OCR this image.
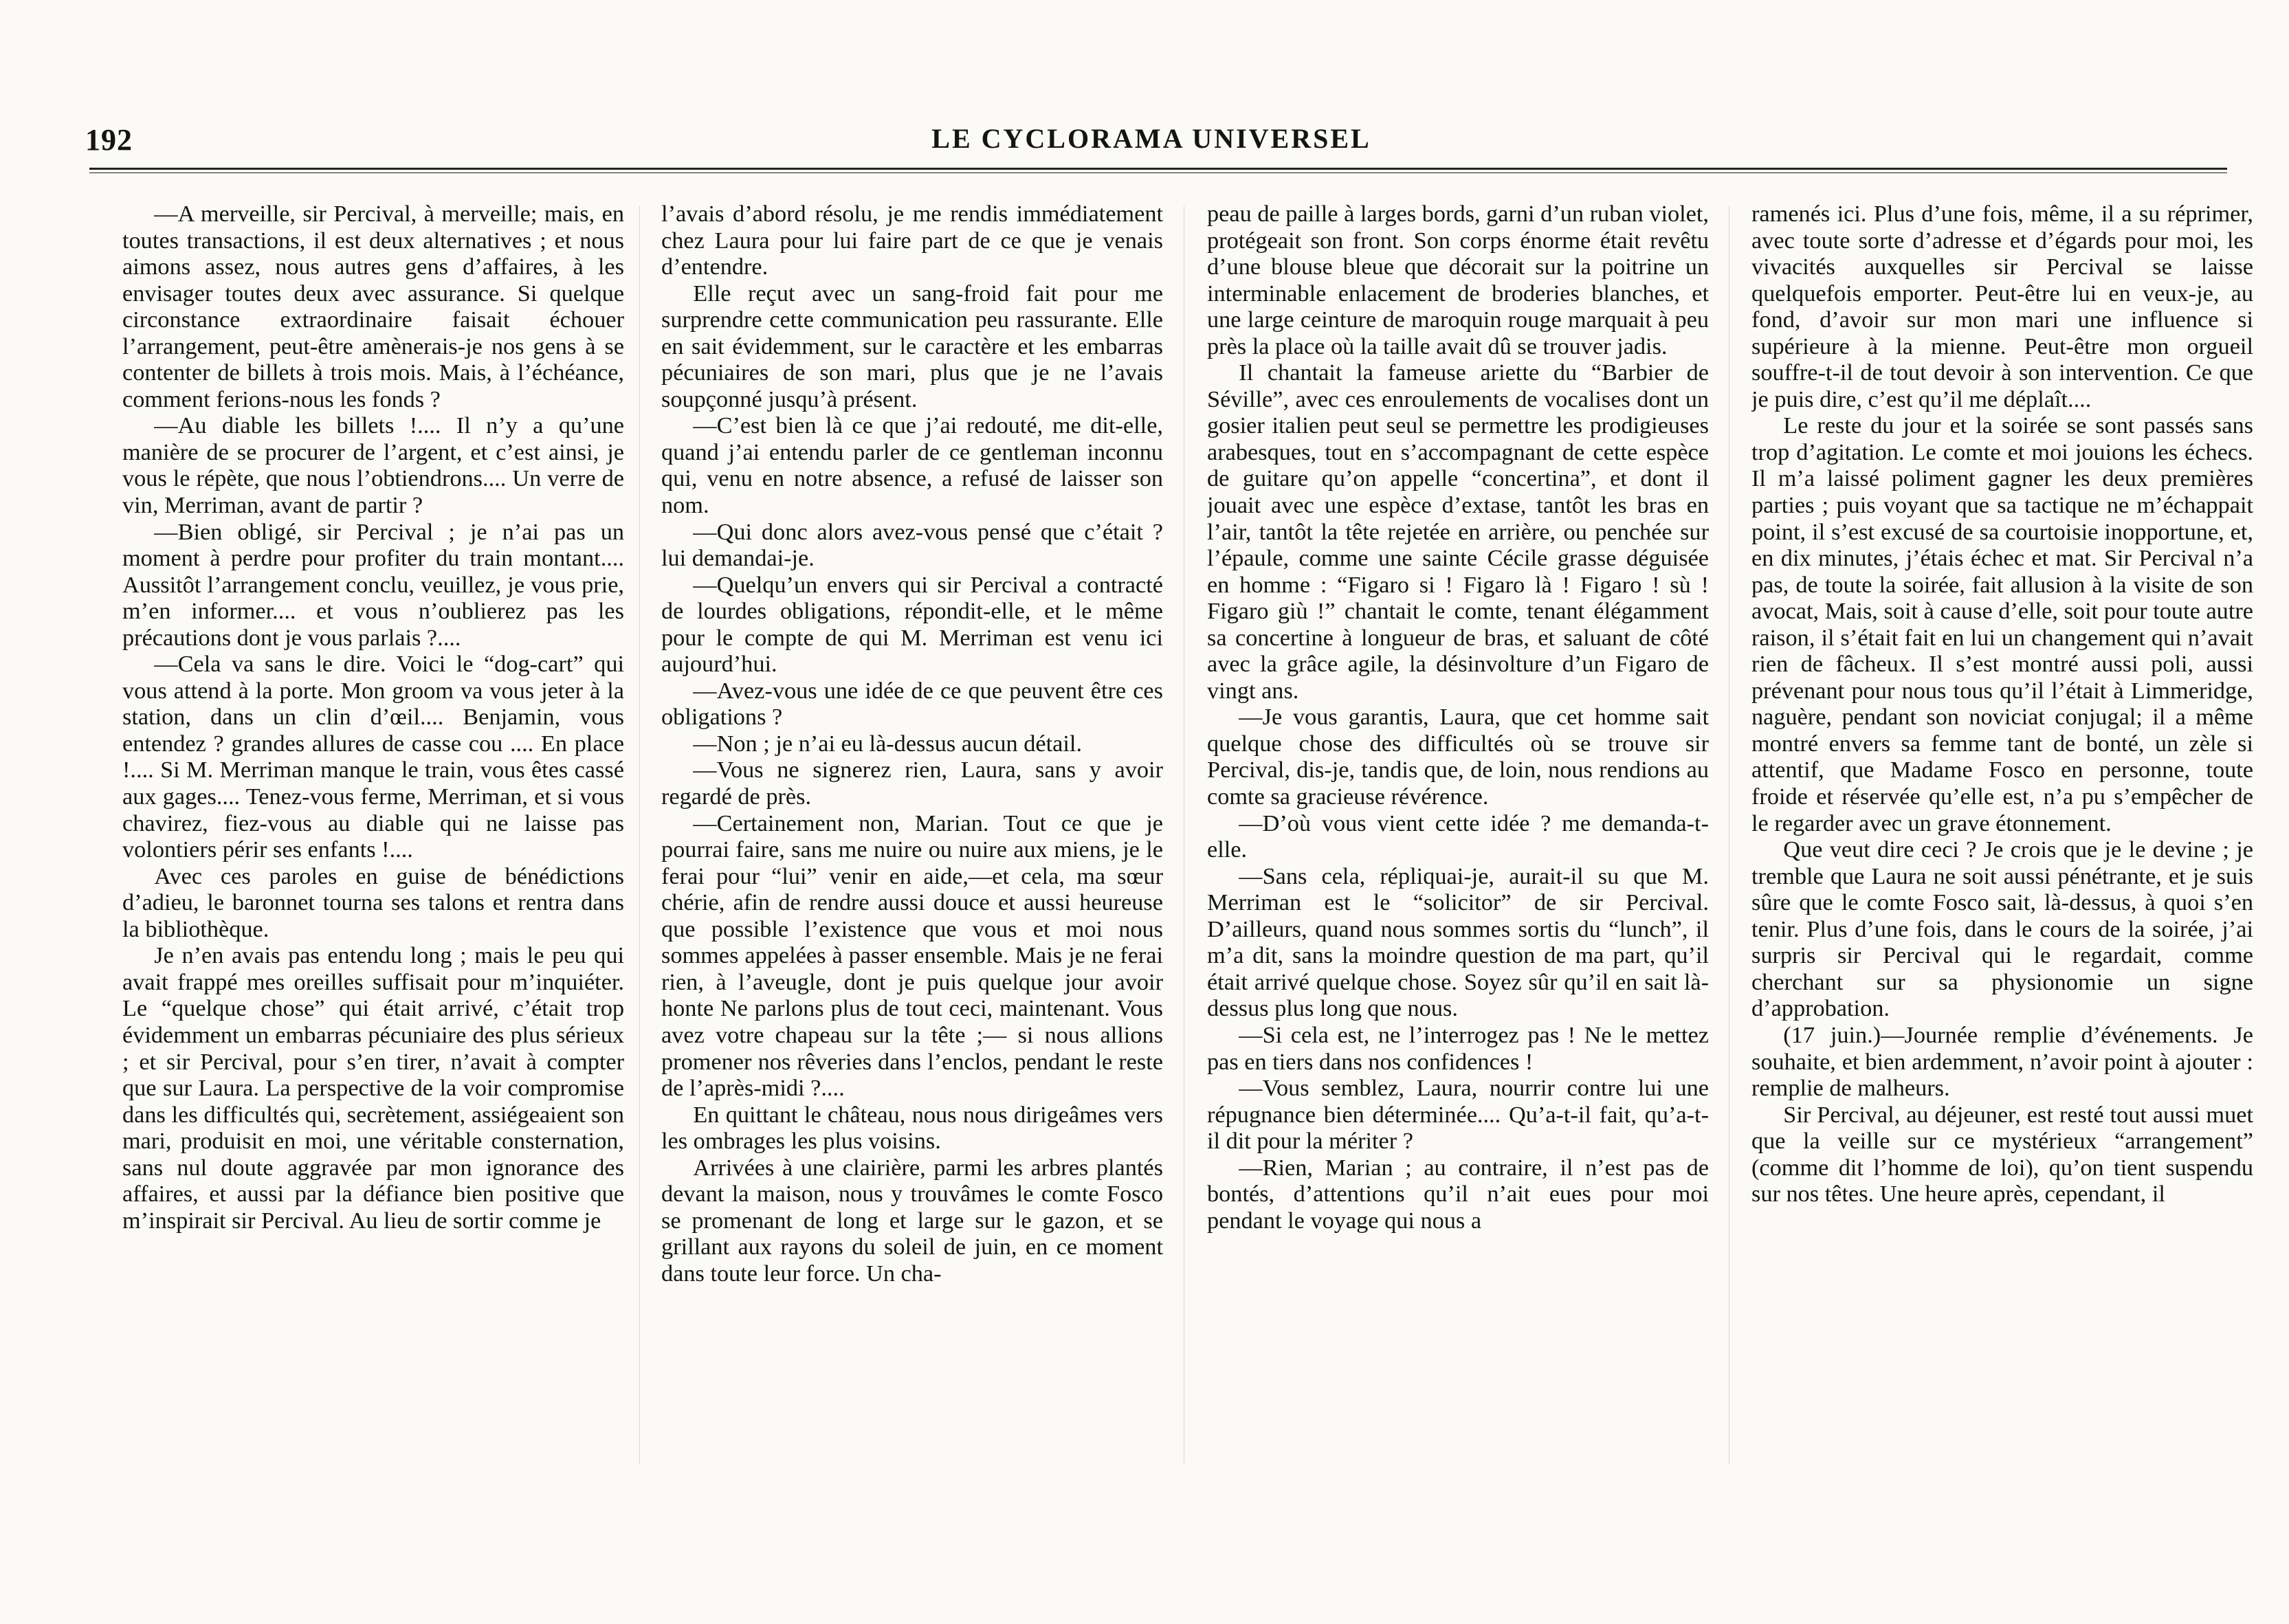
192	LE CYCLORAMA UNIVERSEL

—A merveille, sir Percival, à merveille; mais, en toutes transactions, il est deux alternatives ; et nous aimons assez, nous autres gens d’affaires, à les envisager toutes deux avec assurance. Si quelque circonstance extraordinaire faisait échouer l’arrangement, peut-être amènerais-je nos gens à se contenter de billets à trois mois. Mais, à l’échéance, comment ferions-nous les fonds ?

—Au diable les billets !.... Il n’y a qu’une manière de se procurer de l’argent, et c’est ainsi, je vous le répète, que nous l’obtiendrons.... Un verre de vin, Merriman, avant de partir ?

—Bien obligé, sir Percival ; je n’ai pas un moment à perdre pour profiter du train montant.... Aussitôt l’arrangement conclu, veuillez, je vous prie, m’en informer.... et vous n’oublierez pas les précautions dont je vous parlais ?....

—Cela va sans le dire. Voici le “dog-cart” qui vous attend à la porte. Mon groom va vous jeter à la station, dans un clin d’œil.... Benjamin, vous entendez ? grandes allures de casse cou .... En place !.... Si M. Merriman manque le train, vous êtes cassé aux gages.... Tenez-vous ferme, Merriman, et si vous chavirez, fiez-vous au diable qui ne laisse pas volontiers périr ses enfants !....

Avec ces paroles en guise de bénédictions d’adieu, le baronnet tourna ses talons et rentra dans la bibliothèque.

Je n’en avais pas entendu long ; mais le peu qui avait frappé mes oreilles suffisait pour m’inquiéter. Le “quelque chose” qui était arrivé, c’était trop évidemment un embarras pécuniaire des plus sérieux ; et sir Percival, pour s’en tirer, n’avait à compter que sur Laura. La perspective de la voir compromise dans les difficultés qui, secrètement, assiégeaient son mari, produisit en moi, une véritable consternation, sans nul doute aggravée par mon ignorance des affaires, et aussi par la défiance bien positive que m’inspirait sir Percival. Au lieu de sortir comme je

l’avais d’abord résolu, je me rendis immédiatement chez Laura pour lui faire part de ce que je venais d’entendre.

Elle reçut avec un sang-froid fait pour me surprendre cette communication peu rassurante. Elle en sait évidemment, sur le caractère et les embarras pécuniaires de son mari, plus que je ne l’avais soupçonné jusqu’à présent.

—C’est bien là ce que j’ai redouté, me dit-elle, quand j’ai entendu parler de ce gentleman inconnu qui, venu en notre absence, a refusé de laisser son nom.

—Qui donc alors avez-vous pensé que c’était ? lui demandai-je.

—Quelqu’un envers qui sir Percival a contracté de lourdes obligations, répondit-elle, et le même pour le compte de qui M. Merriman est venu ici aujourd’hui.

—Avez-vous une idée de ce que peuvent être ces obligations ?

—Non ; je n’ai eu là-dessus aucun détail.

—Vous ne signerez rien, Laura, sans y avoir regardé de près.

—Certainement non, Marian. Tout ce que je pourrai faire, sans me nuire ou nuire aux miens, je le ferai pour “lui” venir en aide,—et cela, ma sœur chérie, afin de rendre aussi douce et aussi heureuse que possible l’existence que vous et moi nous sommes appelées à passer ensemble. Mais je ne ferai rien, à l’aveugle, dont je puis quelque jour avoir honte Ne parlons plus de tout ceci, maintenant. Vous avez votre chapeau sur la tête ;— si nous allions promener nos rêveries dans l’enclos, pendant le reste de l’après-midi ?....

En quittant le château, nous nous dirigeâmes vers les ombrages les plus voisins.

Arrivées à une clairière, parmi les arbres plantés devant la maison, nous y trouvâmes le comte Fosco se promenant de long et large sur le gazon, et se grillant aux rayons du soleil de juin, en ce moment dans toute leur force. Un cha-

peau de paille à larges bords, garni d’un ruban violet, protégeait son front. Son corps énorme était revêtu d’une blouse bleue que décorait sur la poitrine un interminable enlacement de broderies blanches, et une large ceinture de maroquin rouge marquait à peu près la place où la taille avait dû se trouver jadis.

Il chantait la fameuse ariette du “Barbier de Séville”, avec ces enroulements de vocalises dont un gosier italien peut seul se permettre les prodigieuses arabesques, tout en s’accompagnant de cette espèce de guitare qu’on appelle “concertina”, et dont il jouait avec une espèce d’extase, tantôt les bras en l’air, tantôt la tête rejetée en arrière, ou penchée sur l’épaule, comme une sainte Cécile grasse déguisée en homme : “Figaro si ! Figaro là ! Figaro ! sù ! Figaro giù !” chantait le comte, tenant élégamment sa concertine à longueur de bras, et saluant de côté avec la grâce agile, la désinvolture d’un Figaro de vingt ans.

—Je vous garantis, Laura, que cet homme sait quelque chose des difficultés où se trouve sir Percival, dis-je, tandis que, de loin, nous rendions au comte sa gracieuse révérence.

—D’où vous vient cette idée ? me demanda-t-elle.

—Sans cela, répliquai-je, aurait-il su que M. Merriman est le “solicitor” de sir Percival. D’ailleurs, quand nous sommes sortis du “lunch”, il m’a dit, sans la moindre question de ma part, qu’il était arrivé quelque chose. Soyez sûr qu’il en sait là-dessus plus long que nous.

—Si cela est, ne l’interrogez pas ! Ne le mettez pas en tiers dans nos confidences !

—Vous semblez, Laura, nourrir contre lui une répugnance bien déterminée.... Qu’a-t-il fait, qu’a-t-il dit pour la mériter ?

—Rien, Marian ; au contraire, il n’est pas de bontés, d’attentions qu’il n’ait eues pour moi pendant le voyage qui nous a

ramenés ici. Plus d’une fois, même, il a su réprimer, avec toute sorte d’adresse et d’égards pour moi, les vivacités auxquelles sir Percival se laisse quelquefois emporter. Peut-être lui en veux-je, au fond, d’avoir sur mon mari une influence si supérieure à la mienne. Peut-être mon orgueil souffre-t-il de tout devoir à son intervention. Ce que je puis dire, c’est qu’il me déplaît....

Le reste du jour et la soirée se sont passés sans trop d’agitation. Le comte et moi jouions les échecs. Il m’a laissé poliment gagner les deux premières parties ; puis voyant que sa tactique ne m’échappait point, il s’est excusé de sa courtoisie inopportune, et, en dix minutes, j’étais échec et mat. Sir Percival n’a pas, de toute la soirée, fait allusion à la visite de son avocat, Mais, soit à cause d’elle, soit pour toute autre raison, il s’était fait en lui un changement qui n’avait rien de fâcheux. Il s’est montré aussi poli, aussi prévenant pour nous tous qu’il l’était à Limmeridge, naguère, pendant son noviciat conjugal; il a même montré envers sa femme tant de bonté, un zèle si attentif, que Madame Fosco en personne, toute froide et réservée qu’elle est, n’a pu s’empêcher de le regarder avec un grave étonnement.

Que veut dire ceci ? Je crois que je le devine ; je tremble que Laura ne soit aussi pénétrante, et je suis sûre que le comte Fosco sait, là-dessus, à quoi s’en tenir. Plus d’une fois, dans le cours de la soirée, j’ai surpris sir Percival qui le regardait, comme cherchant sur sa physionomie un signe d’approbation.

(17 juin.)—Journée remplie d’événements. Je souhaite, et bien ardemment, n’avoir point à ajouter : remplie de malheurs.

Sir Percival, au déjeuner, est resté tout aussi muet que la veille sur ce mystérieux “arrangement” (comme dit l’homme de loi), qu’on tient suspendu sur nos têtes. Une heure après, cependant, il
